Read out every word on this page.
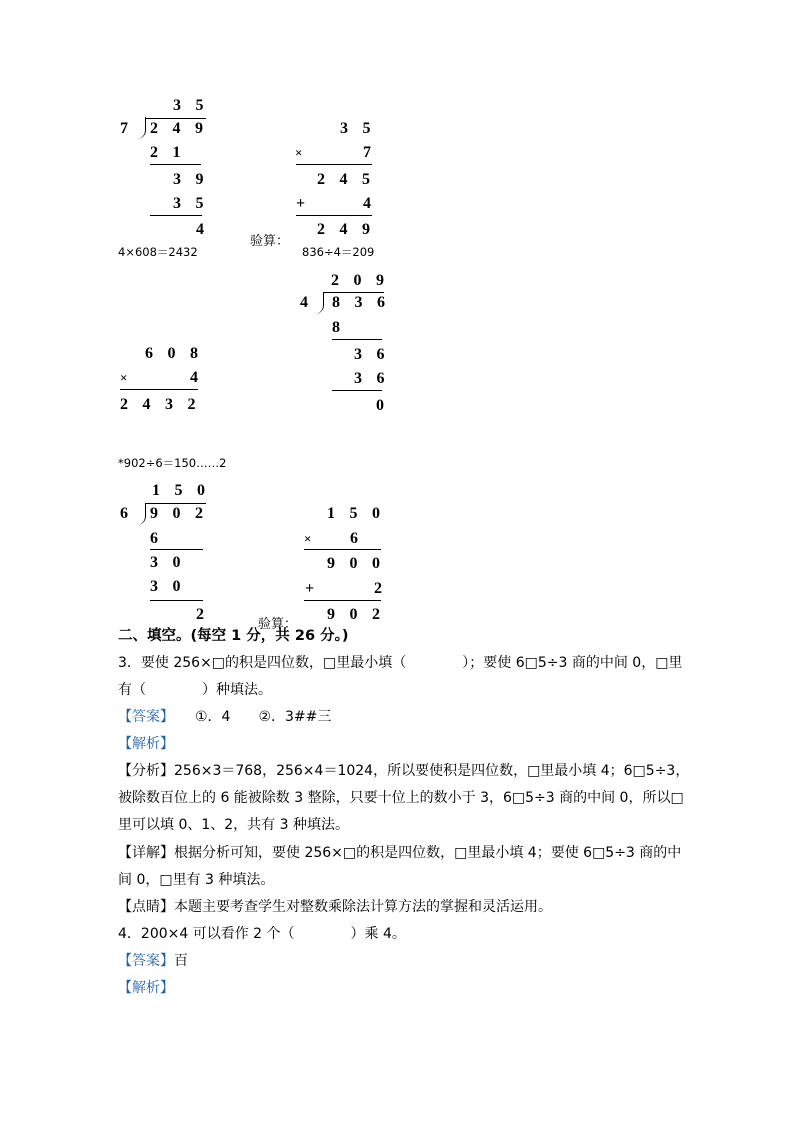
35
7 249
21
39
35
4
35
×	7
245
+	4
249
验算：
4×608＝2432	836÷4＝209
209
4 836
8
36
36
0
608
×	4
2432
*902÷6＝150……2
150
6 902
6
30
30
2
150
× 6
900
+	2
902
验算：
二、填空。(每空 1 分，共 26 分。)
3．要使 256×□的积是四位数，□里最小填（　　　　）；要使 6□5÷3 商的中间 0，□里
有（　　　　）种填法。
【答案】　　①．4　　②．3##三
【解析】
【分析】256×3＝768，256×4＝1024，所以要使积是四位数，□里最小填 4；6□5÷3，
被除数百位上的 6 能被除数 3 整除，只要十位上的数小于 3，6□5÷3 商的中间 0，所以□
里可以填 0、1、2，共有 3 种填法。
【详解】根据分析可知，要使 256×□的积是四位数，□里最小填 4；要使 6□5÷3 商的中
间 0，□里有 3 种填法。
【点睛】本题主要考查学生对整数乘除法计算方法的掌握和灵活运用。
4．200×4 可以看作 2 个（　　　　）乘 4。
【答案】百
【解析】
